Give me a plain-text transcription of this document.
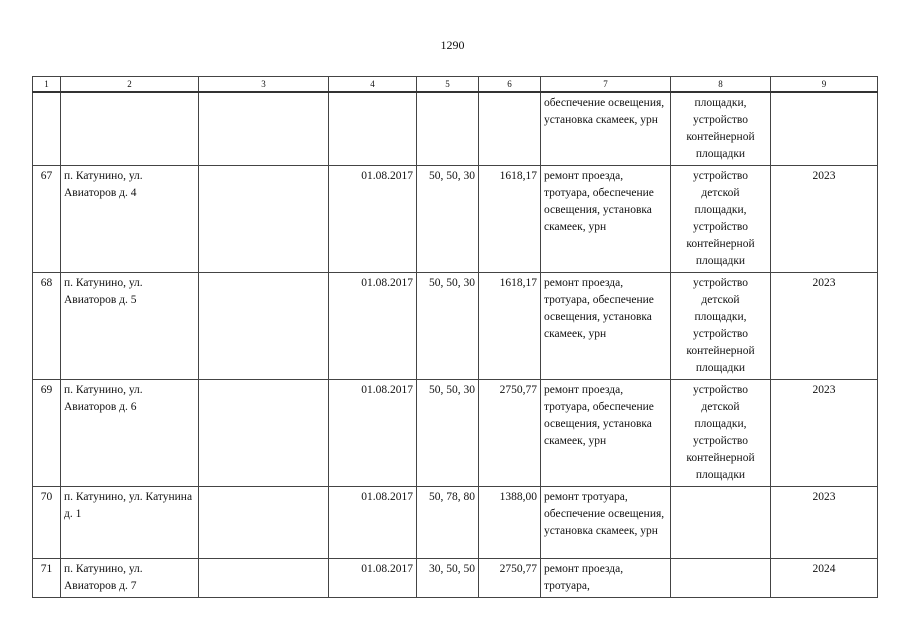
1290
1	2	3	4	5	6	7	8	9
						обеспечение освещения, установка скамеек, урн	площадки, устройство контейнерной площадки	
67	п. Катунино, ул. Авиаторов д. 4		01.08.2017	50, 50, 30	1618,17	ремонт проезда, тротуара, обеспечение освещения, установка скамеек, урн	устройство детской площадки, устройство контейнерной площадки	2023
68	п. Катунино, ул. Авиаторов д. 5		01.08.2017	50, 50, 30	1618,17	ремонт проезда, тротуара, обеспечение освещения, установка скамеек, урн	устройство детской площадки, устройство контейнерной площадки	2023
69	п. Катунино, ул. Авиаторов д. 6		01.08.2017	50, 50, 30	2750,77	ремонт проезда, тротуара, обеспечение освещения, установка скамеек, урн	устройство детской площадки, устройство контейнерной площадки	2023
70	п. Катунино, ул. Катунина д. 1		01.08.2017	50, 78, 80	1388,00	ремонт тротуара, обеспечение освещения, установка скамеек, урн		2023
71	п. Катунино, ул. Авиаторов д. 7		01.08.2017	30, 50, 50	2750,77	ремонт проезда, тротуара,		2024
